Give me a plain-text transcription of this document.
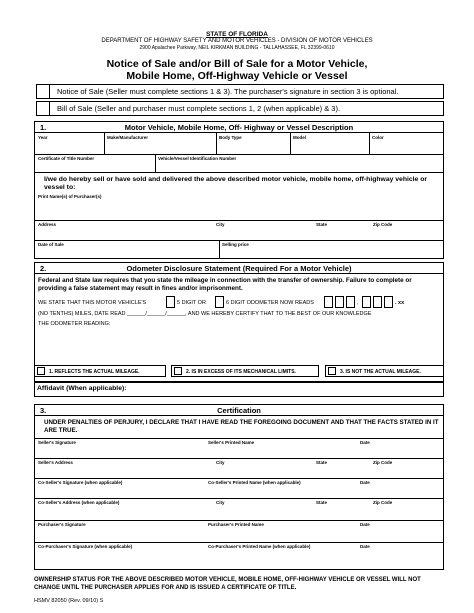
STATE OF FLORIDA
DEPARTMENT OF HIGHWAY SAFETY AND MOTOR VEHICLES - DIVISION OF MOTOR VEHICLES
2900 Apalachee Parkway, NEIL KIRKMAN BUILDING - TALLAHASSEE, FL 32399-0610
Notice of Sale and/or Bill of Sale for a Motor Vehicle,
Mobile Home, Off-Highway Vehicle or Vessel
Notice of Sale (Seller must complete sections 1 & 3). The purchaser's signature in section 3 is optional.
Bill of Sale (Seller and purchaser must complete sections 1, 2 (when applicable) & 3).
1.	Motor Vehicle, Mobile Home, Off- Highway or Vessel Description
Year	Make/Manufacturer	Body Type	Model	Color
Certificate of Title Number	Vehicle/Vessel Identification Number
I/we do hereby sell or have sold and delivered the above described motor vehicle, mobile home, off-highway vehicle or vessel to:
Print Name(s) of Purchaser(s)
Address	City	State	Zip Code
Date of Sale	Selling price
2.	Odometer Disclosure Statement (Required For a Motor Vehicle)
Federal and State law requires that you state the mileage in connection with the transfer of ownership. Failure to complete or providing a false statement may result in fines and/or imprisonment.
WE STATE THAT THIS MOTOR VEHICLE'S	5 DIGIT OR	6 DIGIT ODOMETER NOW READS	,	. xx
(NO TENTHS) MILES, DATE READ ______/______/______, AND WE HEREBY CERTIFY THAT TO THE BEST OF OUR KNOWLEDGE
THE ODOMETER READING:
1. REFLECTS THE ACTUAL MILEAGE.	2. IS IN EXCESS OF ITS MECHANICAL LIMITS.	3. IS NOT THE ACTUAL MILEAGE.
Affidavit (When applicable):
3.	Certification
UNDER PENALTIES OF PERJURY, I DECLARE THAT I HAVE READ THE FOREGOING DOCUMENT AND THAT THE FACTS STATED IN IT ARE TRUE.
Seller's Signature	Seller's Printed Name	Date
Seller's Address	City	State	Zip Code
Co-Seller's Signature (when applicable)	Co-Seller's Printed Name (when applicable)	Date
Co-Seller's Address (when applicable)	City	State	Zip Code
Purchaser's Signature	Purchaser's Printed Name	Date
Co-Purchaser's Signature (when applicable)	Co-Purchaser's Printed Name (when applicable)	Date
OWNERSHIP STATUS FOR THE ABOVE DESCRIBED MOTOR VEHICLE, MOBILE HOME, OFF-HIGHWAY VEHICLE OR VESSEL WILL NOT CHANGE UNTIL THE PURCHASER APPLIES FOR AND IS ISSUED A CERTIFICATE OF TITLE.
HSMV 82050 (Rev. 09/10) S
